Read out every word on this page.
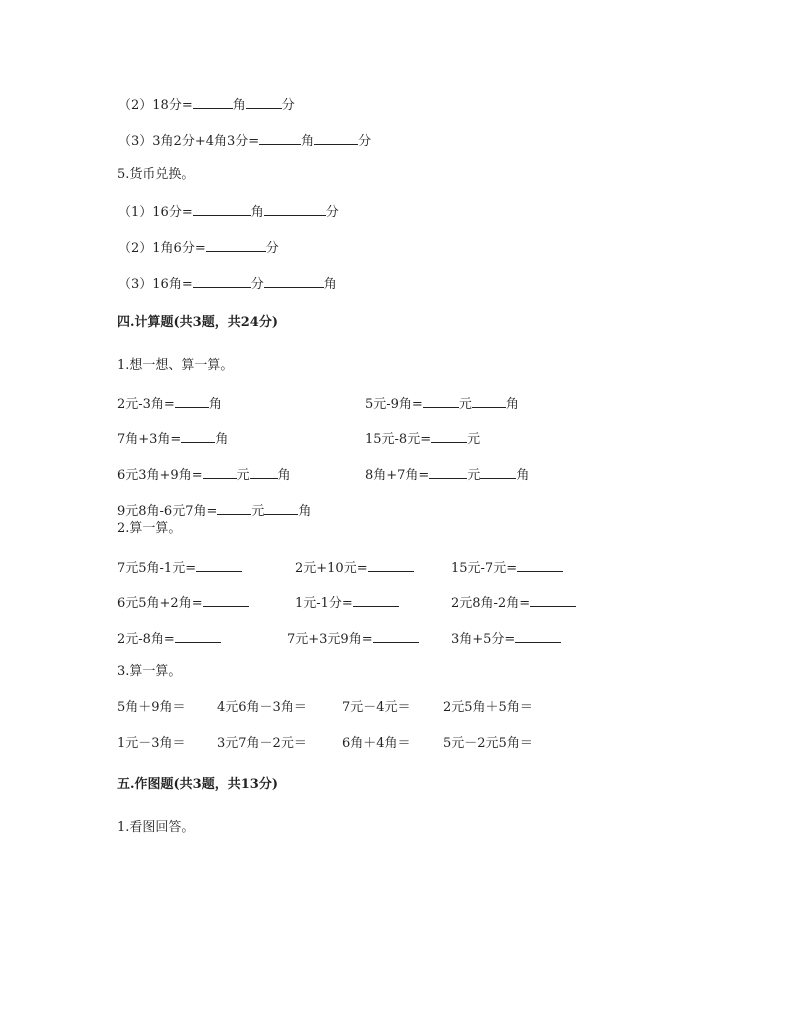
（2）18分=	角	分
（3）3角2分+4角3分=	角	分
5.货币兑换。
（1）16分=	角	分
（2）1角6分=	分
（3）16角=	分	角
四.计算题(共3题，共24分)
1.想一想、算一算。
2元-3角=	角	5元-9角=	元	角
7角+3角=	角	15元-8元=	元
6元3角+9角=	元 角	8角+7角=	元	角
9元8角-6元7角=	元	角
2.算一算。
7元5角-1元=	2元+10元=	15元-7元=
6元5角+2角=	1元-1分=	2元8角-2角=
2元-8角=	7元+3元9角=	3角+5分=
3.算一算。
5角＋9角＝ 4元6角－3角＝	7元－4元＝ 2元5角＋5角＝
1元－3角＝ 3元7角－2元＝	6角＋4角＝ 5元－2元5角＝
五.作图题(共3题，共13分)
1.看图回答。
